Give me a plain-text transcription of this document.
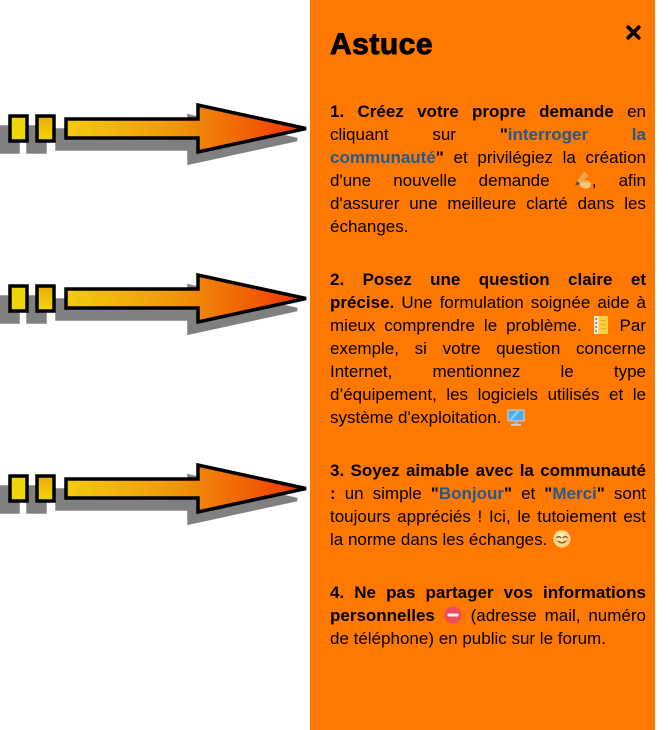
Astuce

1. Créez votre propre demande en cliquant sur "interroger la communauté" et privilégiez la création d'une nouvelle demande
, afin d'assurer une meilleure clarté dans les échanges.

2. Posez une question claire et précise. Une formulation soignée aide à mieux comprendre le problème.
Par exemple, si votre question concerne Internet, mentionnez le type d’équipement, les logiciels utilisés et le système d'exploitation.

3. Soyez aimable avec la communauté : un simple "Bonjour" et "Merci" sont toujours appréciés ! Ici, le tutoiement est la norme dans les échanges.

4. Ne pas partager vos informations personnelles
(adresse mail, numéro de téléphone) en public sur le forum.
